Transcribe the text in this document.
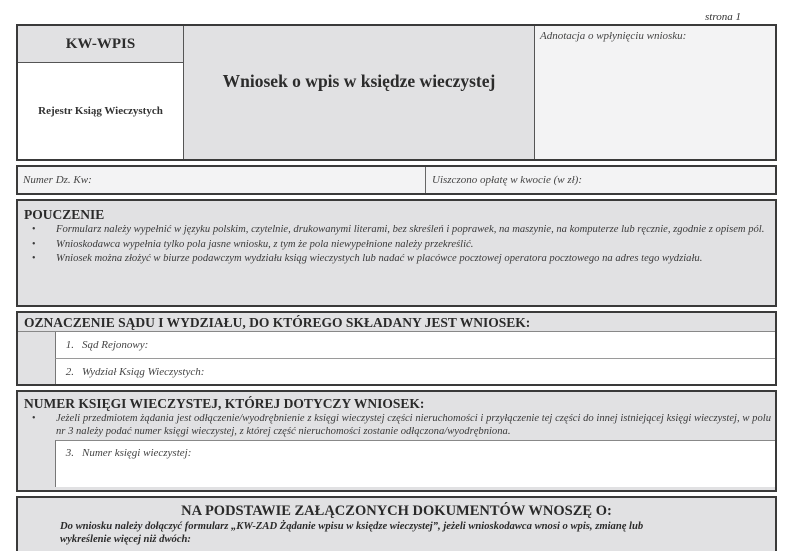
strona 1
KW-WPIS
Rejestr Ksiąg Wieczystych
Wniosek o wpis w księdze wieczystej
Adnotacja o wpłynięciu wniosku:
Numer Dz. Kw:	Uiszczono opłatę w kwocie (w zł):
POUCZENIE
• Formularz należy wypełnić w języku polskim, czytelnie, drukowanymi literami, bez skreśleń i poprawek, na maszynie, na komputerze lub ręcznie, zgodnie z opisem pól.
• Wnioskodawca wypełnia tylko pola jasne wniosku, z tym że pola niewypełnione należy przekreślić.
• Wniosek można złożyć w biurze podawczym wydziału ksiąg wieczystych lub nadać w placówce pocztowej operatora pocztowego na adres tego wydziału.
OZNACZENIE SĄDU I WYDZIAŁU, DO KTÓREGO SKŁADANY JEST WNIOSEK:
1. Sąd Rejonowy:
2. Wydział Ksiąg Wieczystych:
NUMER KSIĘGI WIECZYSTEJ, KTÓREJ DOTYCZY WNIOSEK:
• Jeżeli przedmiotem żądania jest odłączenie/wyodrębnienie z księgi wieczystej części nieruchomości i przyłączenie tej części do innej istniejącej księgi wieczystej, w polu nr 3 należy podać numer księgi wieczystej, z której część nieruchomości zostanie odłączona/wyodrębniona.
3. Numer księgi wieczystej:
NA PODSTAWIE ZAŁĄCZONYCH DOKUMENTÓW WNOSZĘ O:
Do wniosku należy dołączyć formularz „KW-ZAD Żądanie wpisu w księdze wieczystej”, jeżeli wnioskodawca wnosi o wpis, zmianę lub wykreślenie więcej niż dwóch:
